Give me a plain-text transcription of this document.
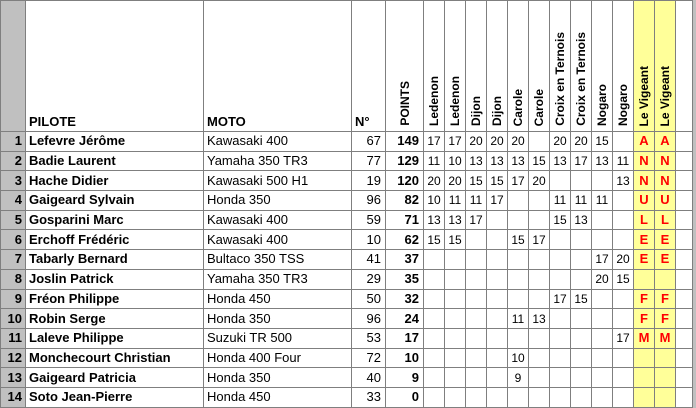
	PILOTE	MOTO	N°	POINTS	Ledenon	Ledenon	Dijon	Dijon	Carole	Carole	Croix en Ternois	Croix en Ternois	Nogaro	Nogaro	Le Vigeant	Le Vigeant	
1	Lefevre Jérôme	Kawasaki 400	67	149	17	17	20	20	20		20	20	15		A	A	
2	Badie Laurent	Yamaha 350 TR3	77	129	11	10	13	13	13	15	13	17	13	11	N	N	
3	Hache Didier	Kawasaki 500 H1	19	120	20	20	15	15	17	20				13	N	N	
4	Gaigeard Sylvain	Honda 350	96	82	10	11	11	17			11	11	11		U	U	
5	Gosparini Marc	Kawasaki 400	59	71	13	13	17				15	13			L	L	
6	Erchoff Frédéric	Kawasaki 400	10	62	15	15			15	17					E	E	
7	Tabarly Bernard	Bultaco 350 TSS	41	37									17	20	E	E	
8	Joslin Patrick	Yamaha 350 TR3	29	35									20	15			
9	Fréon Philippe	Honda 450	50	32							17	15			F	F	
10	Robin Serge	Honda 350	96	24					11	13					F	F	
11	Laleve Philippe	Suzuki TR 500	53	17										17	M	M	
12	Monchecourt Christian	Honda 400 Four	72	10					10								
13	Gaigeard Patricia	Honda 350	40	9					9								
14	Soto Jean-Pierre	Honda 450	33	0													
